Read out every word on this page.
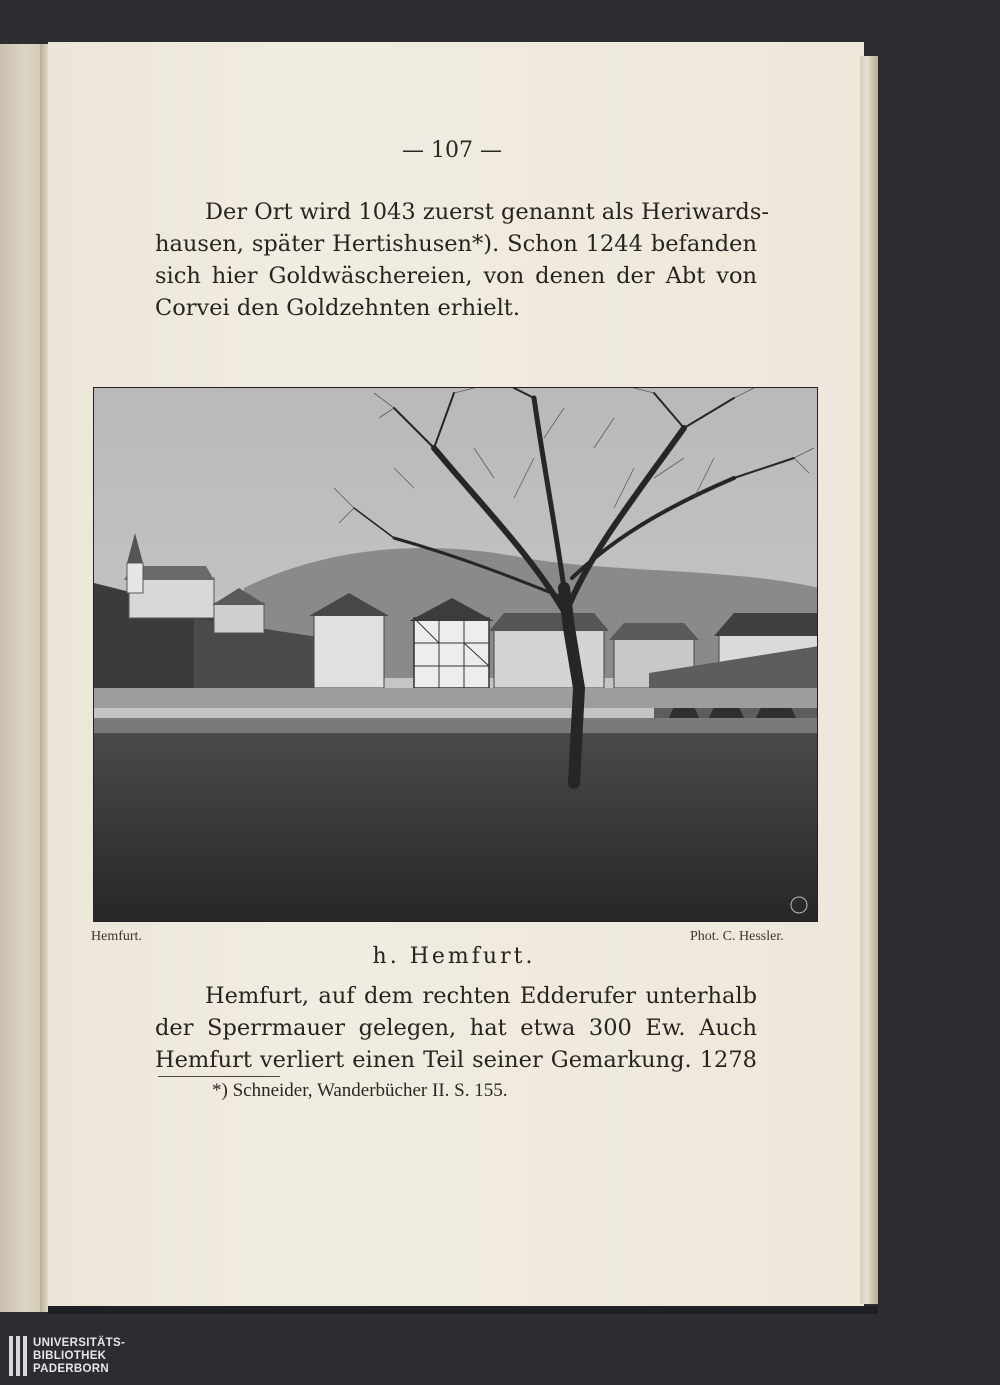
— 107 —
Der Ort wird 1043 zuerst genannt als Heriwards-
hausen, später Hertishusen*). Schon 1244 befanden
sich hier Goldwäschereien, von denen der Abt von
Corvei den Goldzehnten erhielt.
Hemfurt.	Phot. C. Hessler.
h. Hemfurt.
Hemfurt, auf dem rechten Edderufer unterhalb
der Sperrmauer gelegen, hat etwa 300 Ew. Auch
Hemfurt verliert einen Teil seiner Gemarkung. 1278
*) Schneider, Wanderbücher II. S. 155.
UNIVERSITÄTS-
BIBLIOTHEK
PADERBORN
